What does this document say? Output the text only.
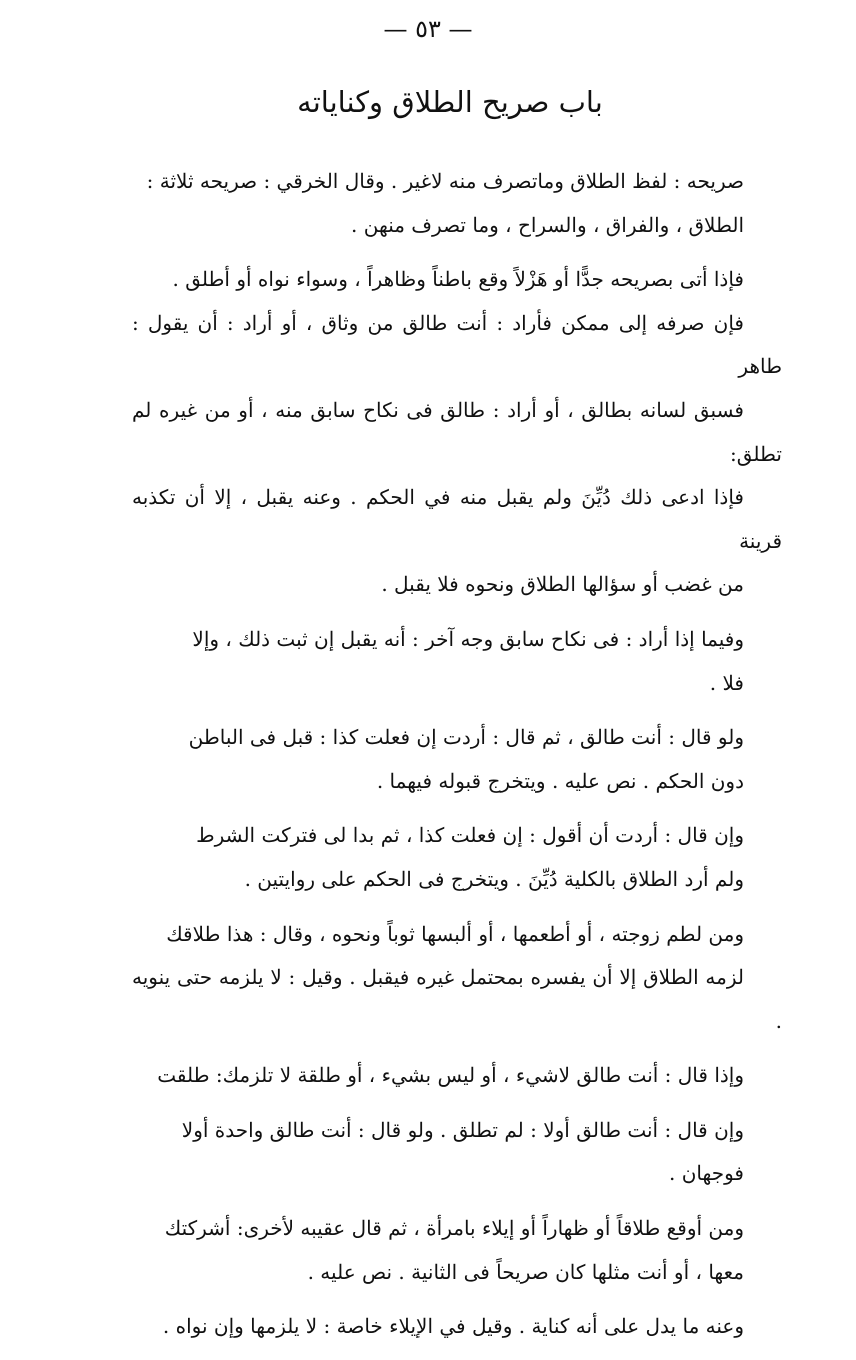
— ٥٣ —
باب صريح الطلاق وكناياته

صريحه : لفظ الطلاق وماتصرف منه لاغير . وقال الخرقي : صريحه ثلاثة :
الطلاق ، والفراق ، والسراح ، وما تصرف منهن .

فإذا أتى بصريحه جدًّا أو هَزْلاً وقع باطناً وظاهراً ، وسواء نواه أو أطلق .
فإن صرفه إلى ممكن فأراد : أنت طالق من وثاق ، أو أراد : أن يقول : طاهر
فسبق لسانه بطالق ، أو أراد : طالق فى نكاح سابق منه ، أو من غيره لم تطلق:
فإذا ادعى ذلك دُيِّنَ ولم يقبل منه في الحكم . وعنه يقبل ، إلا أن تكذبه قرينة
من غضب أو سؤالها الطلاق ونحوه فلا يقبل .

وفيما إذا أراد : فى نكاح سابق وجه آخر : أنه يقبل إن ثبت ذلك ، وإلا
فلا .

ولو قال : أنت طالق ، ثم قال : أردت إن فعلت كذا : قبل فى الباطن
دون الحكم . نص عليه . ويتخرج قبوله فيهما .

وإن قال : أردت أن أقول : إن فعلت كذا ، ثم بدا لى فتركت الشرط
ولم أرد الطلاق بالكلية دُيِّنَ . ويتخرج فى الحكم على روايتين .

ومن لطم زوجته ، أو أطعمها ، أو ألبسها ثوباً ونحوه ، وقال : هذا طلاقك
لزمه الطلاق إلا أن يفسره بمحتمل غيره فيقبل . وقيل : لا يلزمه حتى ينويه .

وإذا قال : أنت طالق لاشيء ، أو ليس بشيء ، أو طلقة لا تلزمك: طلقت

وإن قال : أنت طالق أولا : لم تطلق . ولو قال : أنت طالق واحدة أولا
فوجهان .

ومن أوقع طلاقاً أو ظهاراً أو إيلاء بامرأة ، ثم قال عقيبه لأخرى: أشركتك
معها ، أو أنت مثلها كان صريحاً فى الثانية . نص عليه .

وعنه ما يدل على أنه كناية . وقيل في الإيلاء خاصة : لا يلزمها وإن نواه .
